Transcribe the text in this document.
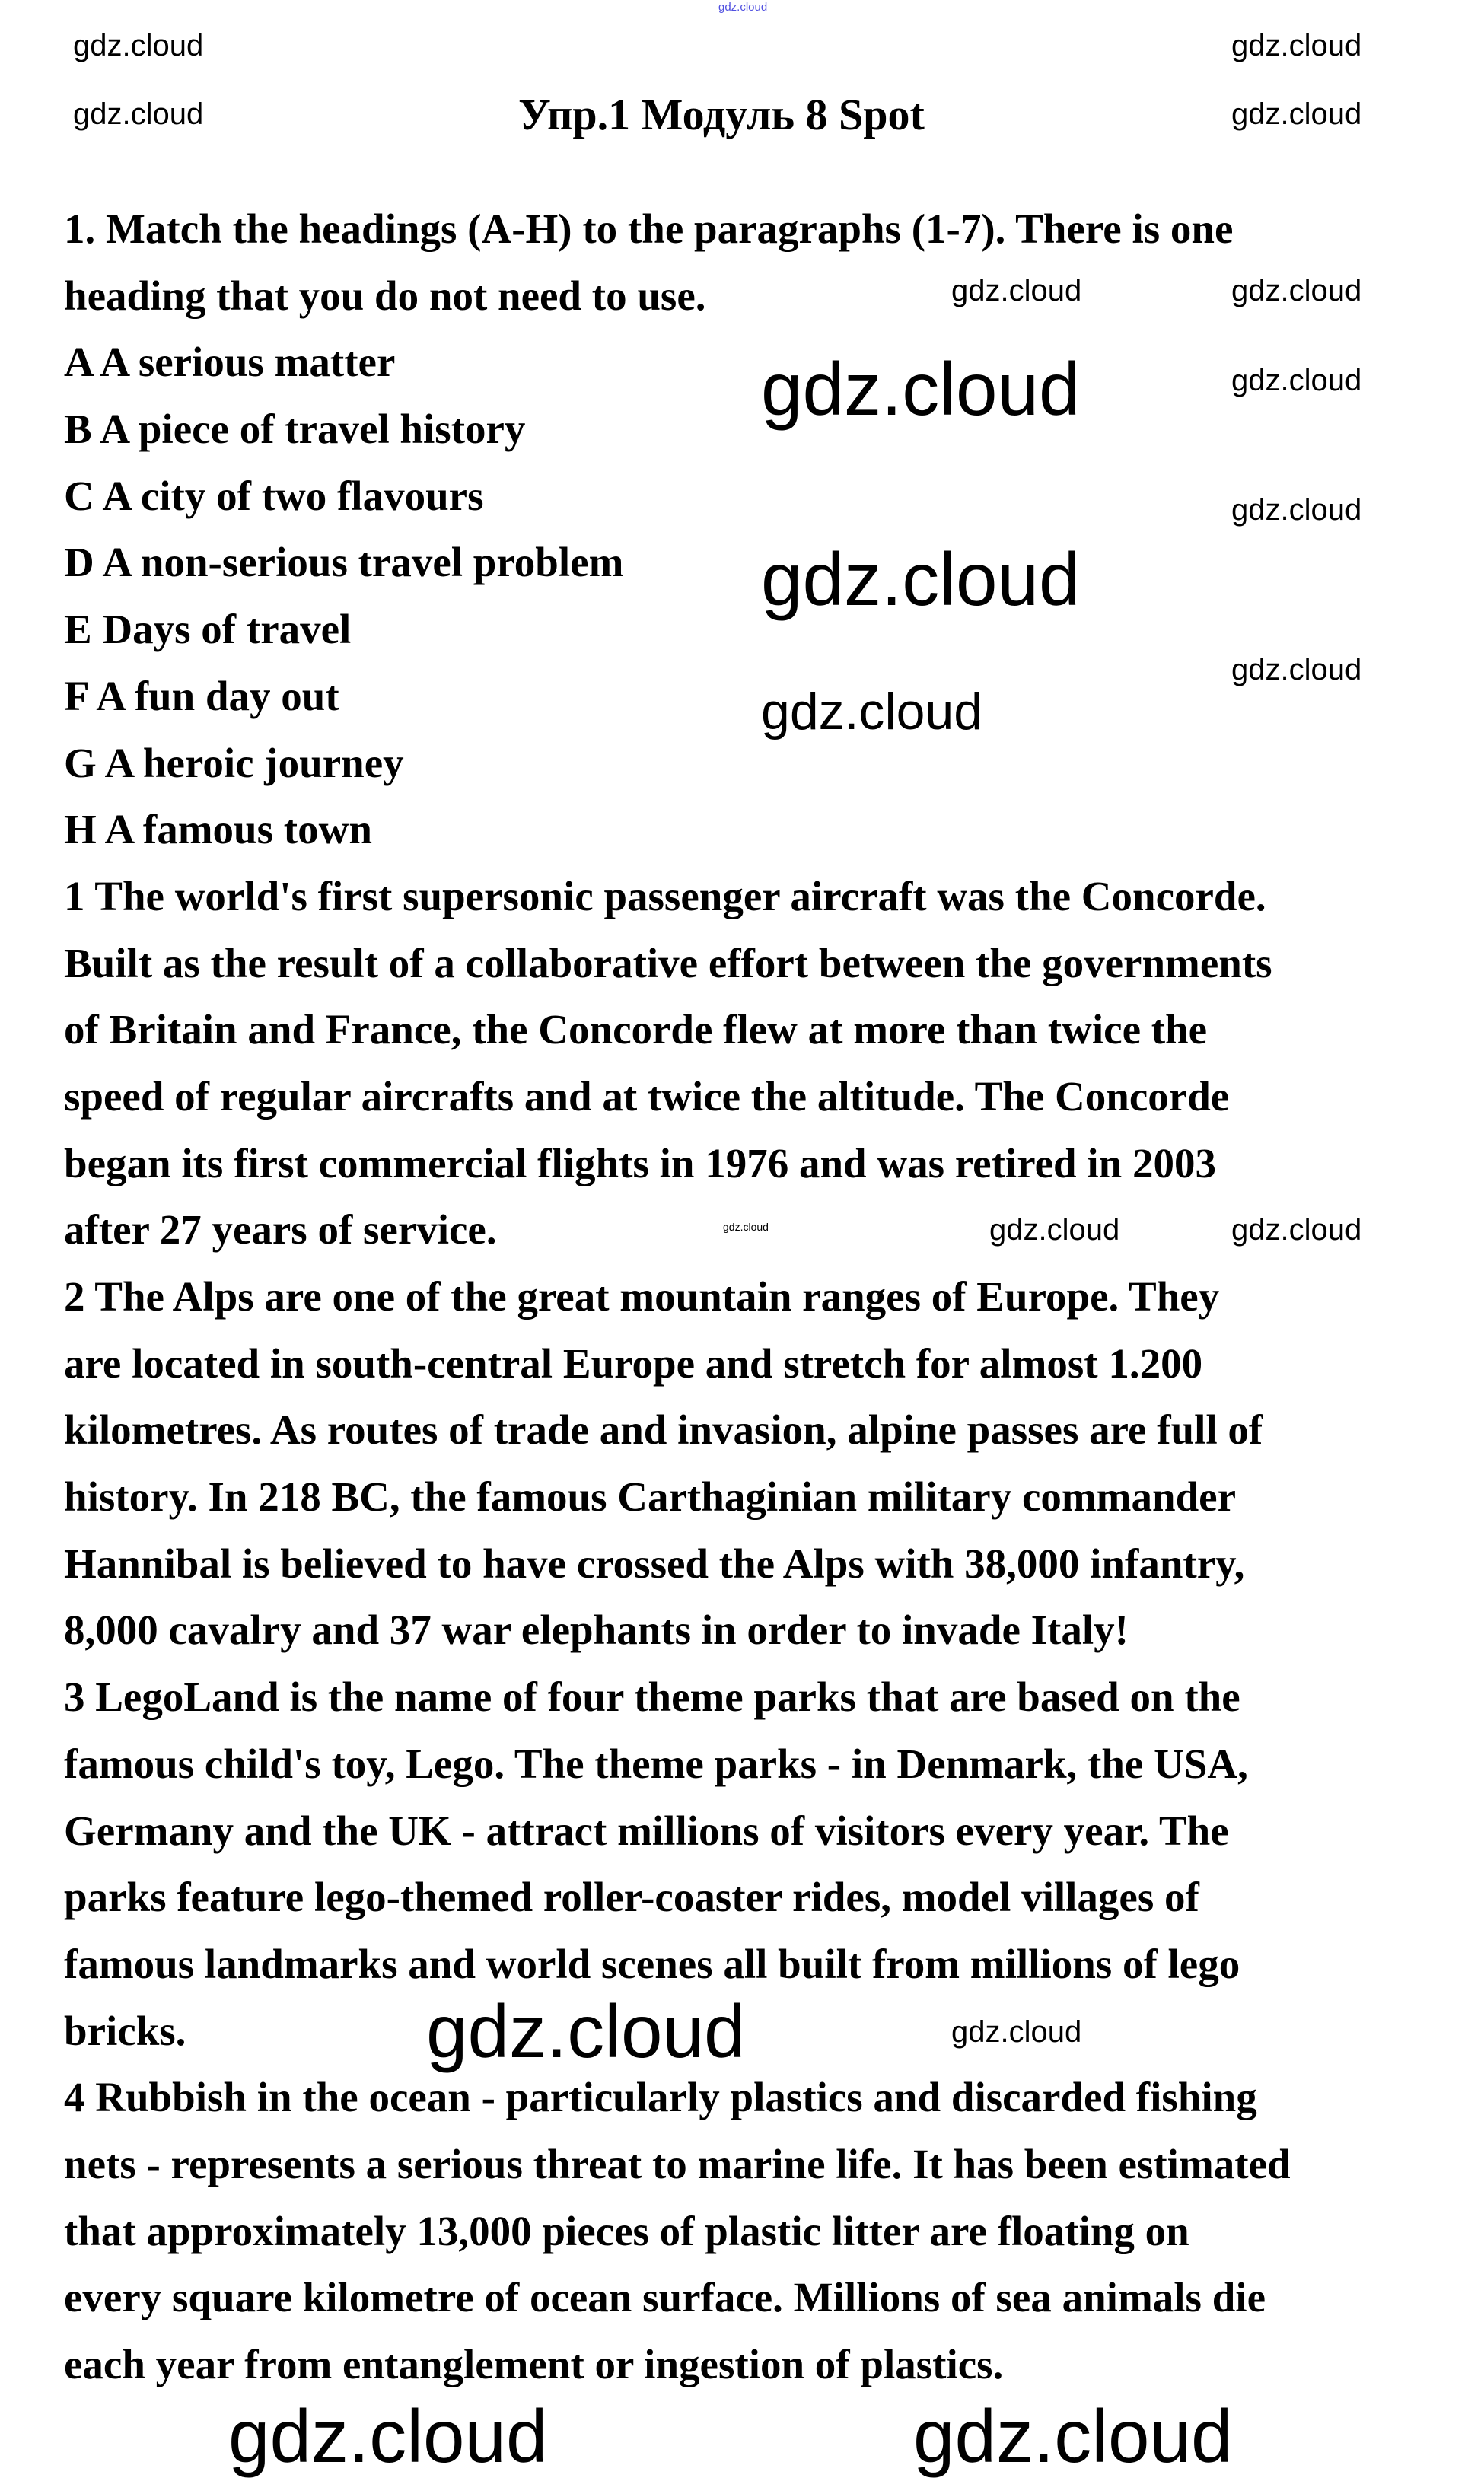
gdz.cloud
Упр.1 Модуль 8 Spot
1. Match the headings (A-H) to the paragraphs (1-7). There is one
heading that you do not need to use.
A A serious matter
B A piece of travel history
C A city of two flavours
D A non-serious travel problem
E Days of travel
F A fun day out
G A heroic journey
H A famous town
1 The world's first supersonic passenger aircraft was the Concorde.
Built as the result of a collaborative effort between the governments
of Britain and France, the Concorde flew at more than twice the
speed of regular aircrafts and at twice the altitude. The Concorde
began its first commercial flights in 1976 and was retired in 2003
after 27 years of service.
2 The Alps are one of the great mountain ranges of Europe. They
are located in south-central Europe and stretch for almost 1.200
kilometres. As routes of trade and invasion, alpine passes are full of
history. In 218 BC, the famous Carthaginian military commander
Hannibal is believed to have crossed the Alps with 38,000 infantry,
8,000 cavalry and 37 war elephants in order to invade Italy!
3 LegoLand is the name of four theme parks that are based on the
famous child's toy, Lego. The theme parks - in Denmark, the USA,
Germany and the UK - attract millions of visitors every year. The
parks feature lego-themed roller-coaster rides, model villages of
famous landmarks and world scenes all built from millions of lego
bricks.
4 Rubbish in the ocean - particularly plastics and discarded fishing
nets - represents a serious threat to marine life. It has been estimated
that approximately 13,000 pieces of plastic litter are floating on
every square kilometre of ocean surface. Millions of sea animals die
each year from entanglement or ingestion of plastics.
gdz.cloud	gdz.cloud
gdz.cloud
gdz.cloud
gdz.cloud	gdz.cloud
gdz.cloud
gdz.cloud
gdz.cloud
gdz.cloud
gdz.cloud	gdz.cloud	gdz.cloud
gdz.cloud	gdz.cloud
gdz.cloud	gdz.cloud
gdz.cloud	gdz.cloud
